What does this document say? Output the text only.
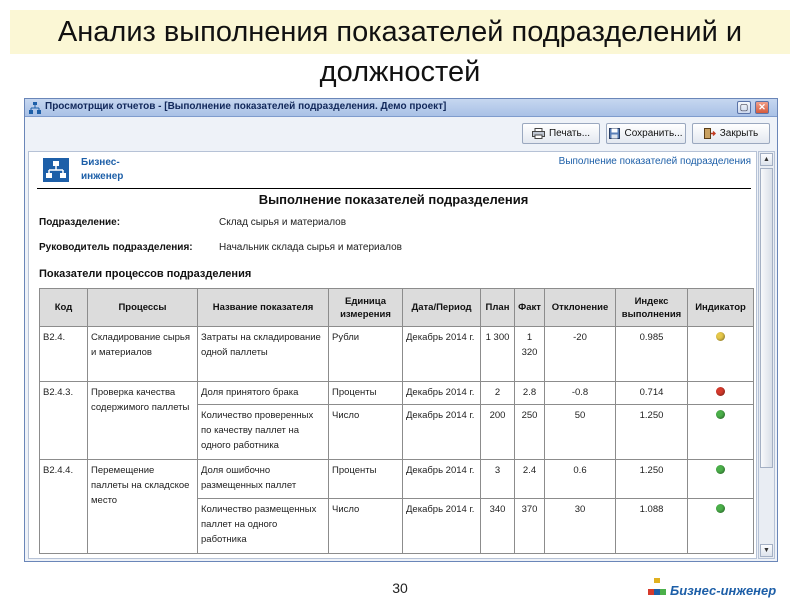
Анализ выполнения показателей подразделений и должностей
Просмотрщик отчетов - [Выполнение показателей подразделения. Демо проект]	▢	✕
Печать...	Сохранить...	Закрыть
Бизнес-инженер
Выполнение показателей подразделения
Выполнение показателей подразделения
Подразделение:	Склад сырья и материалов
Руководитель подразделения:	Начальник склада сырья и материалов
Показатели процессов подразделения
Код	Процессы	Название показателя	Единица измерения	Дата/Период	План	Факт	Отклонение	Индекс выполнения	Индикатор
B2.4.	Складирование сырья и материалов	Затраты на складирование одной паллеты	Рубли	Декабрь 2014 г.	1 300	1 320	-20	0.985	
B2.4.3.	Проверка качества содержимого паллеты	Доля принятого брака	Проценты	Декабрь 2014 г.	2	2.8	-0.8	0.714	
		Количество проверенных по качеству паллет на одного работника	Число	Декабрь 2014 г.	200	250	50	1.250	
B2.4.4.	Перемещение паллеты на складское место	Доля ошибочно размещенных паллет	Проценты	Декабрь 2014 г.	3	2.4	0.6	1.250	
		Количество размещенных паллет на одного работника	Число	Декабрь 2014 г.	340	370	30	1.088	
▲
▼
30	Бизнес-инженер
